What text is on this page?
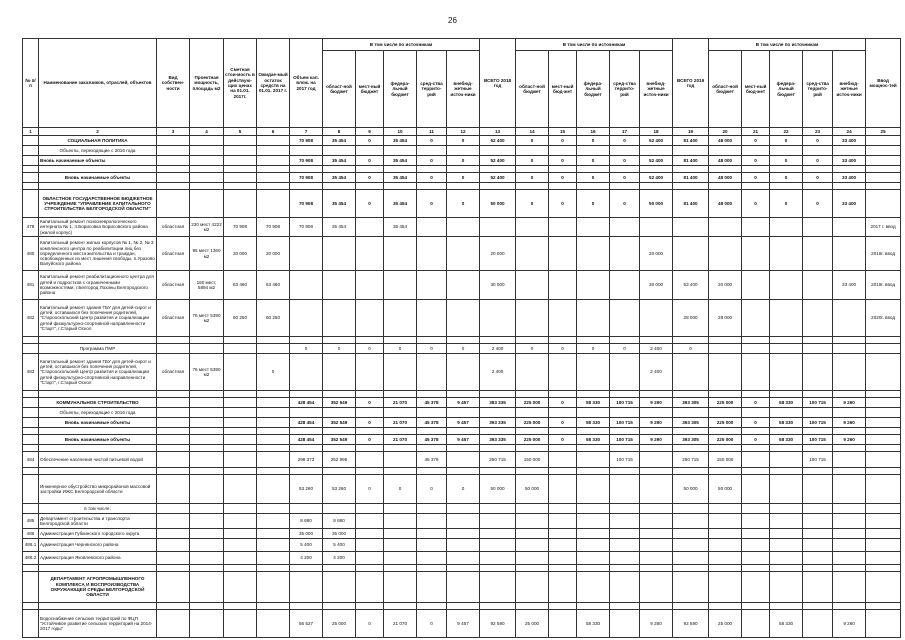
26
№ п/п	Наименование заказчиков, отраслей, объектов	Вид собствен-ности	Проектная мощность, площадь м2	Сметная стои-мость в действую-щих ценах на 01.01. 2017г.	Ожидае-мый остаток средств на 01.01. 2017 г.	Объем кап. влож. на 2017 год	В том числе по источникам					ВСЕГО 2018 год	В том числе по источникам					ВСЕГО 2019 год	В том числе по источникам					Ввод мощнос-тей
							област-ной бюджет	мест-ный бюджет	федера-льный бюджет	сред-ства террито-рий	внебюд-жетные источ-ники		област-ной бюджет	мест-ный бюд-жет	федера-льный бюджет	сред-ства террито-рий	внебюд-жетные источ-ники		област-ной бюджет	мест-ный бюд-жет	федера-льный бюджет	сред-ства террито-рий	внебюд-жетные источ-ники	
1	2	3	4	5	6	7	8	9	10	11	12	13	14	15	16	17	18	19	20	21	22	23	24	25
	СОЦИАЛЬНАЯ ПОЛИТИКА					70 908	35 454	0	35 454	0	0	52 400	0	0	0	0	52 400	81 400	48 000	0	0	0	33 400	
	Объекты, переходящие с 2016 года																							
	Вновь начинаемые объекты					70 908	35 454	0	35 454	0	0	52 400	0	0	0	0	52 400	81 400	48 000	0	0	0	33 400	

	Вновь начинаемые объекты					70 908	35 454	0	35 454	0	0	52 400	0	0	0	0	52 400	81 400	48 000	0	0	0	33 400	

	ОБЛАСТНОЕ ГОСУДАРСТВЕННОЕ БЮДЖЕТНОЕ УЧРЕЖДЕНИЕ "УПРАВЛЕНИЕ КАПИТАЛЬНОГО СТРОИТЕЛЬСТВА БЕЛГОРОДСКОЙ ОБЛАСТИ"					70 908	35 454	0	35 454	0	0	50 000	0	0	0	0	50 000	81 400	48 000	0	0	0	33 400	
478	Капитальный ремонт психоневрологического интерната № 1, п.Борисовка Борисовского района (жилой корпус)	областная	230 мест 4222 м2	70 908	70 908	70 908	35 454		35 454															2017 г. ввод
480	Капитальный ремонт жилых корпусов № 1, № 2, № 3 комплексного центра по реабилитации лиц без определенного места жительства и граждан, освобожденных из мест лишения свободы, п.Уразово Валуйского района	областная	95 мест 1360 м2	20 000	20 000							20 000					20 000							2018г. ввод
481	Капитальный ремонт реабилитационного центра для детей и подростков с ограниченными возможностями, г.Белгород Лоханы Белгородского района	областная	160 мест, 5894 м2	63 460	63 460							30 000					30 000	53 400	20 000				33 400	2019г. ввод
482	Капитальный ремонт здания ГБУ для детей-сирот и детей, оставшихся без попечения родителей, "Старооскольский Центр развития и социализации детей физкультурно-спортивной направленности "Старт", г.Старый Оскол	областная	76 мест 5390 м2	60 250	60 250													28 000	28 000					2020г. ввод

	Программа ПМР					0	0	0	0	0	0	2 400	0	0	0	0	2 400	0						
483	Капитальный ремонт здания ГБУ для детей-сирот и детей, оставшихся без попечения родителей, "Старооскольский Центр развития и социализации детей физкультурно-спортивной направленности "Старт", г.Старый Оскол	областная	76 мест 5390 м2		0							2 400					2 400							

	КОММУНАЛЬНОЕ СТРОИТЕЛЬСТВО					428 454	352 549	0	21 070	45 378	9 457	383 335	225 000	0	58 330	100 715	9 290	393 305	225 000	0	58 330	100 715	9 260	
	Объекты, переходящие с 2016 года																							
	Вновь начинаемые объекты					428 454	352 549	0	21 070	45 378	9 457	393 335	225 000	0	58 330	100 715	9 290	393 305	225 000	0	58 330	100 715	9 260	

	Вновь начинаемые объекты					428 454	352 549	0	21 070	45 378	9 457	393 335	225 000	0	58 330	100 715	9 290	393 305	225 000	0	58 330	100 715	9 260	

484	Обеспечение населения чистой питьевой водой					298 373	252 995			45 378		250 715	150 000			100 715		250 715	150 000			100 715		

	Инженерное обустройство микрорайонов массовой застройки ИЖС Белгородской области					53 260	53 260	0	0	0	0	50 000	50 000					50 000	50 000					
	в том числе:																							
485	Департамент строительства и транспорта Белгородской области					8 680	8 680																	
486	Администрация Губкинского городского округа					35 000	35 000																	
486.1	Администрация Чернянского района					5 400	5 400																	
486.2	Администрация Яковлевского района					4 200	4 200																	

	ДЕПАРТАМЕНТ АГРОПРОМЫШЛЕННОГО КОМПЛЕКСА И ВОСПРОИЗВОДСТВА ОКРУЖАЮЩЕЙ СРЕДЫ БЕЛГОРОДСКОЙ ОБЛАСТИ																							

	Водоснабжение сельских территорий по ФЦП "Устойчивое развитие сельских территорий на 2014-2017 годы"					56 527	25 000	0	21 070	0	9 457	92 590	25 000		58 330		9 260	92 590	25 000		58 330		9 260	
